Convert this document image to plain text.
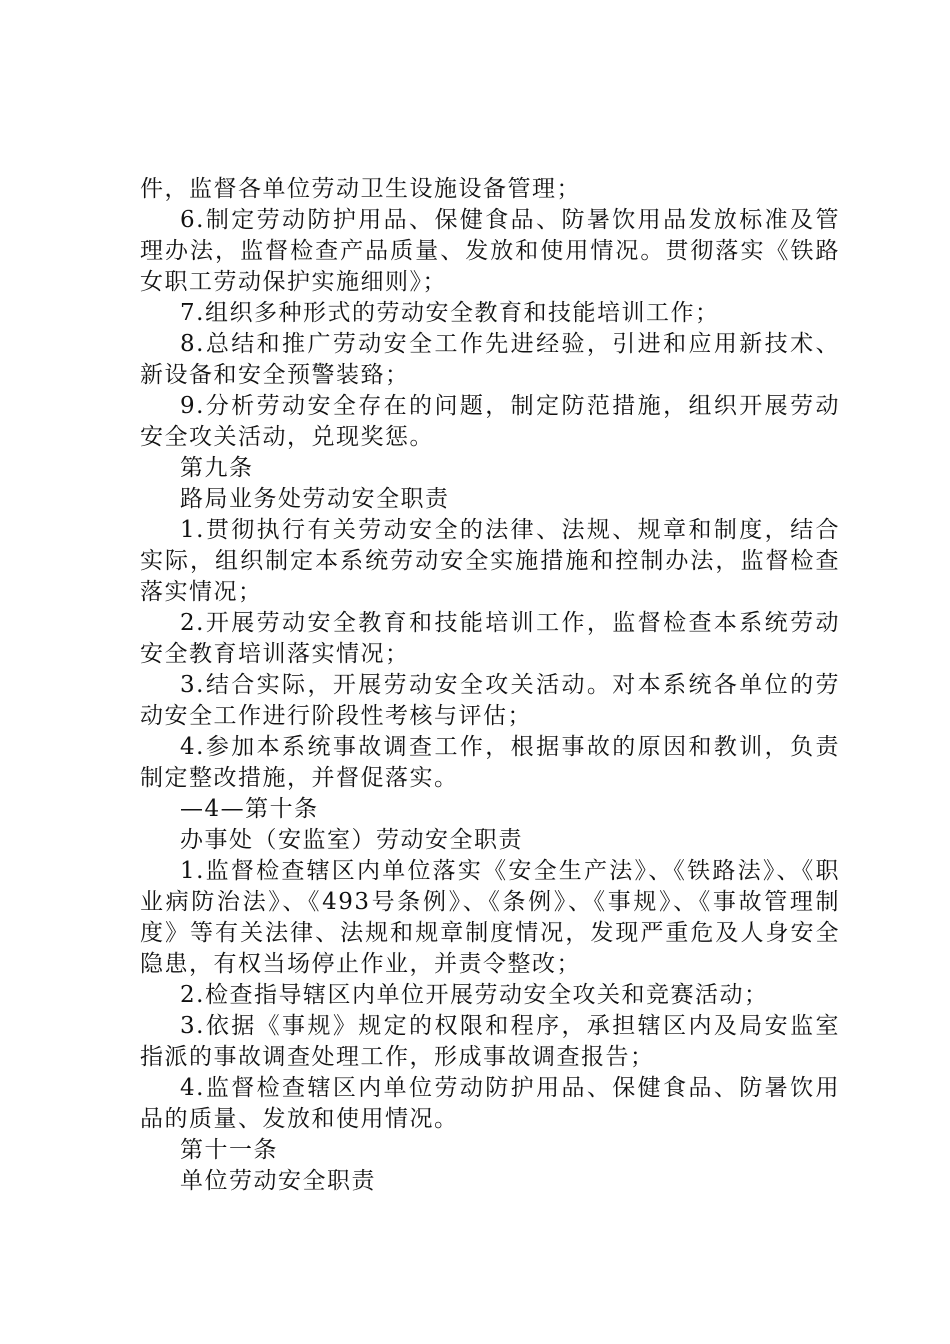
件，监督各单位劳动卫生设施设备管理；

6.制定劳动防护用品、保健食品、防暑饮用品发放标准及管理办法，监督检查产品质量、发放和使用情况。贯彻落实《铁路女职工劳动保护实施细则》；

7.组织多种形式的劳动安全教育和技能培训工作；

8.总结和推广劳动安全工作先进经验，引进和应用新技术、新设备和安全预警装臵；

9.分析劳动安全存在的问题，制定防范措施，组织开展劳动安全攻关活动，兑现奖惩。

第九条

路局业务处劳动安全职责

1.贯彻执行有关劳动安全的法律、法规、规章和制度，结合实际，组织制定本系统劳动安全实施措施和控制办法，监督检查落实情况；

2.开展劳动安全教育和技能培训工作，监督检查本系统劳动安全教育培训落实情况；

3.结合实际，开展劳动安全攻关活动。对本系统各单位的劳动安全工作进行阶段性考核与评估；

4.参加本系统事故调查工作，根据事故的原因和教训，负责制定整改措施，并督促落实。

—4—第十条

办事处（安监室）劳动安全职责

1.监督检查辖区内单位落实《安全生产法》、《铁路法》、《职业病防治法》、《493号条例》、《条例》、《事规》、《事故管理制度》等有关法律、法规和规章制度情况，发现严重危及人身安全隐患，有权当场停止作业，并责令整改；

2.检查指导辖区内单位开展劳动安全攻关和竞赛活动；

3.依据《事规》规定的权限和程序，承担辖区内及局安监室指派的事故调查处理工作，形成事故调查报告；

4.监督检查辖区内单位劳动防护用品、保健食品、防暑饮用品的质量、发放和使用情况。

第十一条

单位劳动安全职责
